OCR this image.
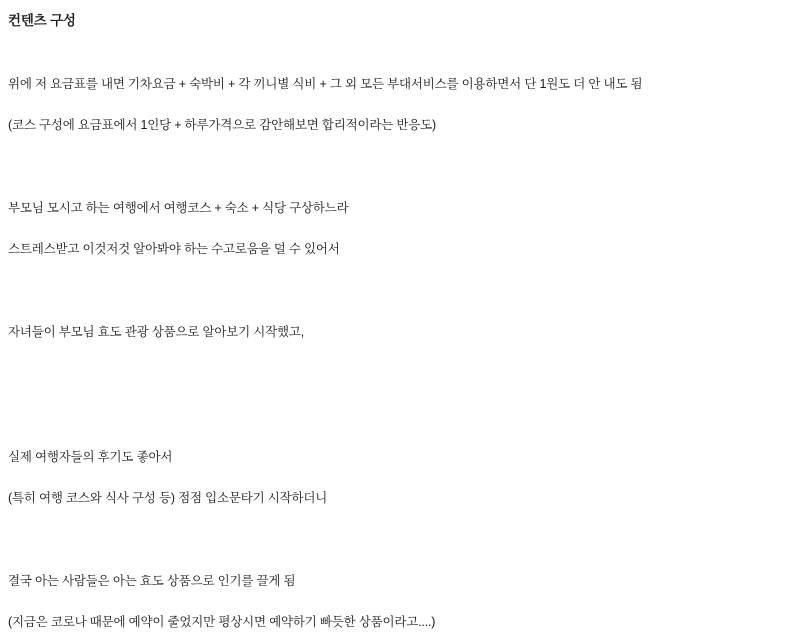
컨텐츠 구성
위에 저 요금표를 내면 기차요금 + 숙박비 + 각 끼니별 식비 + 그 외 모든 부대서비스를 이용하면서 단 1원도 더 안 내도 됨
(코스 구성에 요금표에서 1인당 + 하루가격으로 감안해보면 합리적이라는 반응도)
부모님 모시고 하는 여행에서 여행코스 + 숙소 + 식당 구상하느라
스트레스받고 이것저것 알아봐야 하는 수고로움을 덜 수 있어서
자녀들이 부모님 효도 관광 상품으로 알아보기 시작했고,
실제 여행자들의 후기도 좋아서
(특히 여행 코스와 식사 구성 등) 점점 입소문타기 시작하더니
결국 아는 사람들은 아는 효도 상품으로 인기를 끌게 됨
(지금은 코로나 때문에 예약이 줄었지만 평상시면 예약하기 빠듯한 상품이라고....)
